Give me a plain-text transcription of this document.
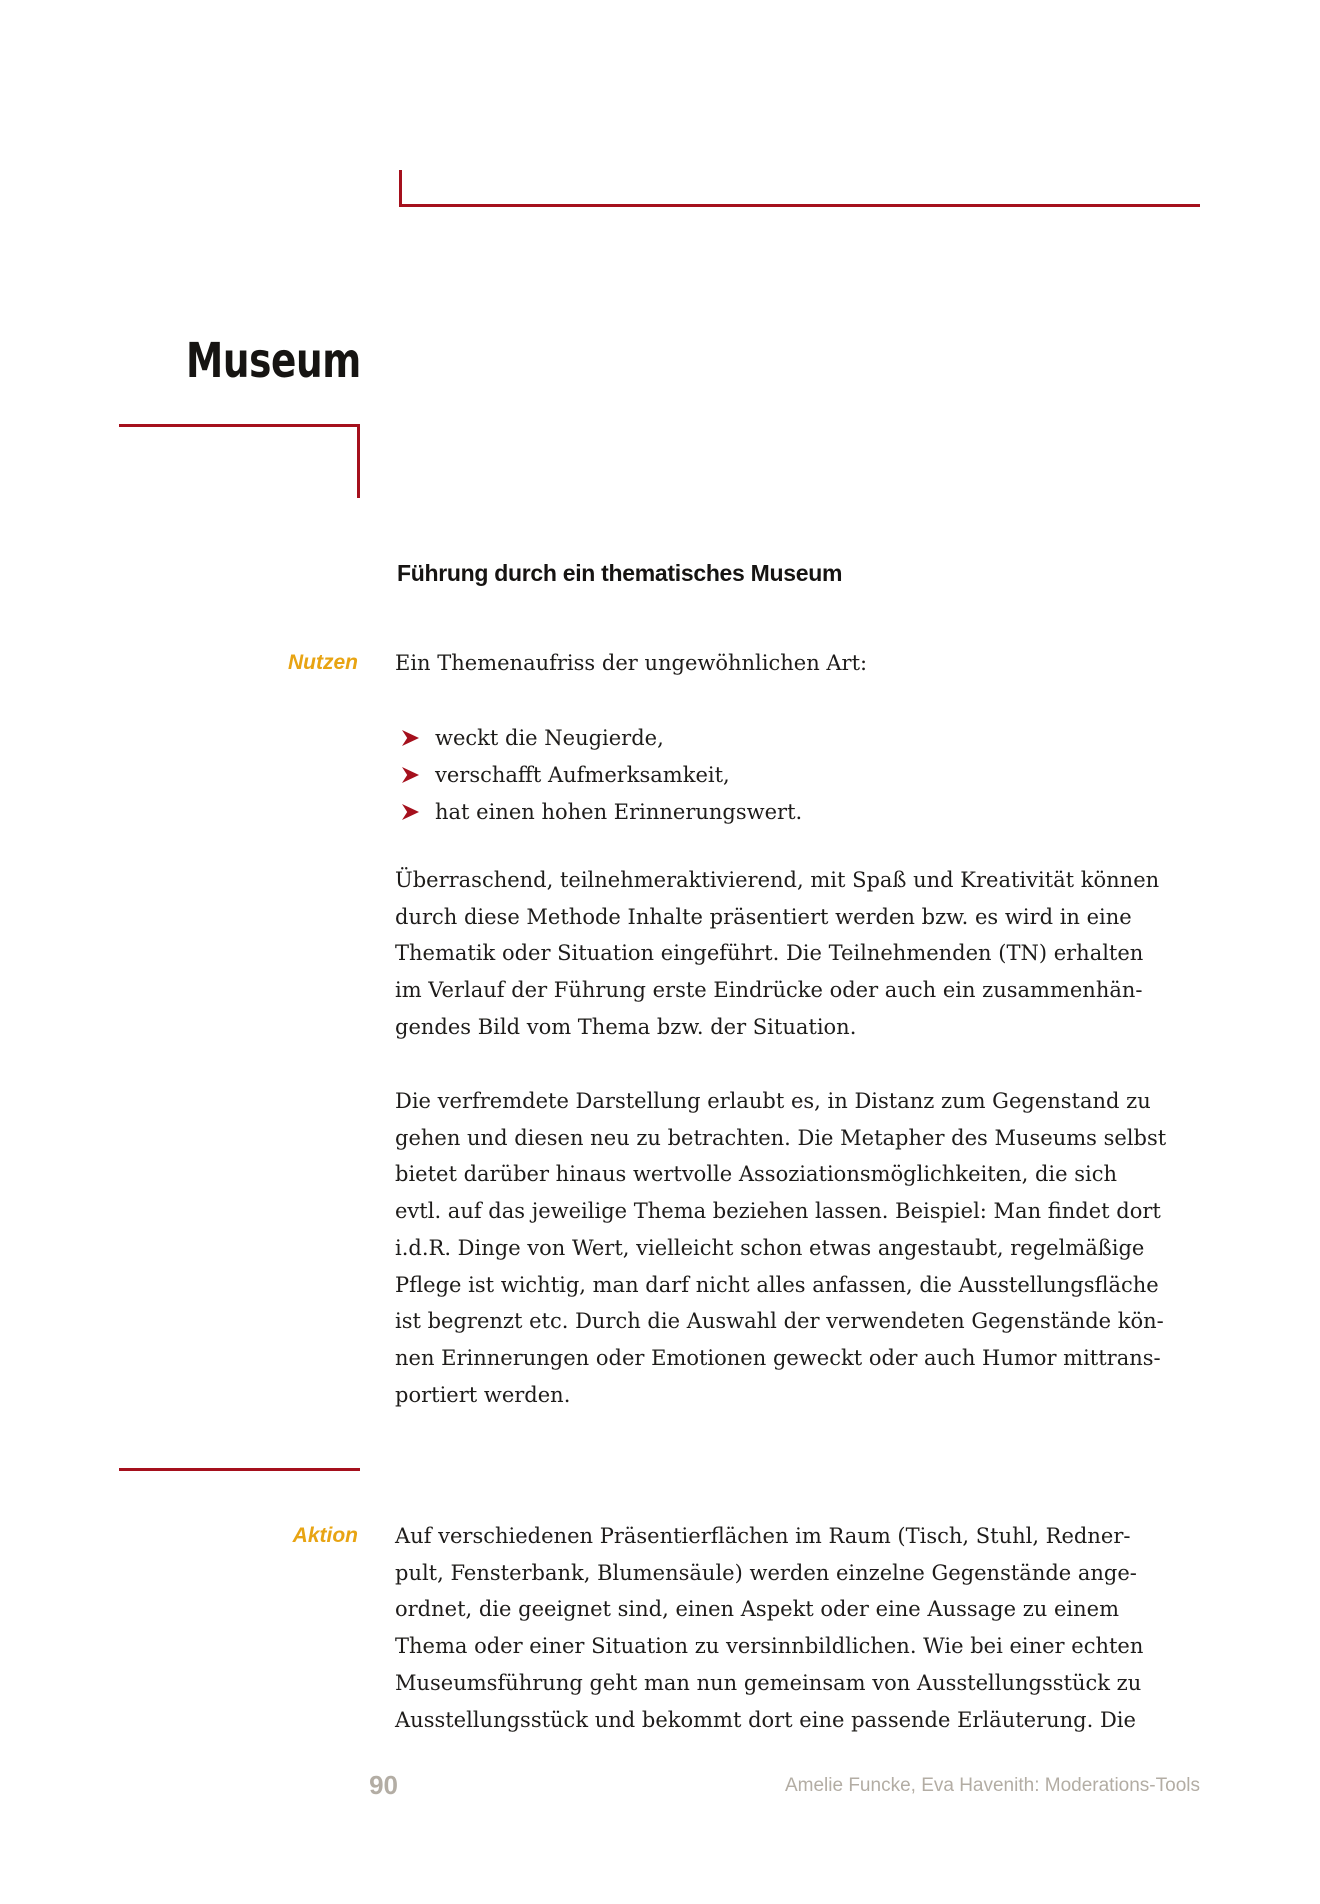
Museum
Führung durch ein thematisches Museum
Nutzen Ein Themenaufriss der ungewöhnlichen Art:
weckt die Neugierde,
verschafft Aufmerksamkeit,
hat einen hohen Erinnerungswert.
Überraschend, teilnehmeraktivierend, mit Spaß und Kreativität können
durch diese Methode Inhalte präsentiert werden bzw. es wird in eine
Thematik oder Situation eingeführt. Die Teilnehmenden (TN) erhalten
im Verlauf der Führung erste Eindrücke oder auch ein zusammenhän-
gendes Bild vom Thema bzw. der Situation.
Die verfremdete Darstellung erlaubt es, in Distanz zum Gegenstand zu
gehen und diesen neu zu betrachten. Die Metapher des Museums selbst
bietet darüber hinaus wertvolle Assoziationsmöglichkeiten, die sich
evtl. auf das jeweilige Thema beziehen lassen. Beispiel: Man findet dort
i.d.R. Dinge von Wert, vielleicht schon etwas angestaubt, regelmäßige
Pflege ist wichtig, man darf nicht alles anfassen, die Ausstellungsfläche
ist begrenzt etc. Durch die Auswahl der verwendeten Gegenstände kön-
nen Erinnerungen oder Emotionen geweckt oder auch Humor mittrans-
portiert werden.
Aktion Auf verschiedenen Präsentierflächen im Raum (Tisch, Stuhl, Redner-
pult, Fensterbank, Blumensäule) werden einzelne Gegenstände ange-
ordnet, die geeignet sind, einen Aspekt oder eine Aussage zu einem
Thema oder einer Situation zu versinnbildlichen. Wie bei einer echten
Museumsführung geht man nun gemeinsam von Ausstellungsstück zu
Ausstellungsstück und bekommt dort eine passende Erläuterung. Die
90	Amelie Funcke, Eva Havenith: Moderations-Tools
